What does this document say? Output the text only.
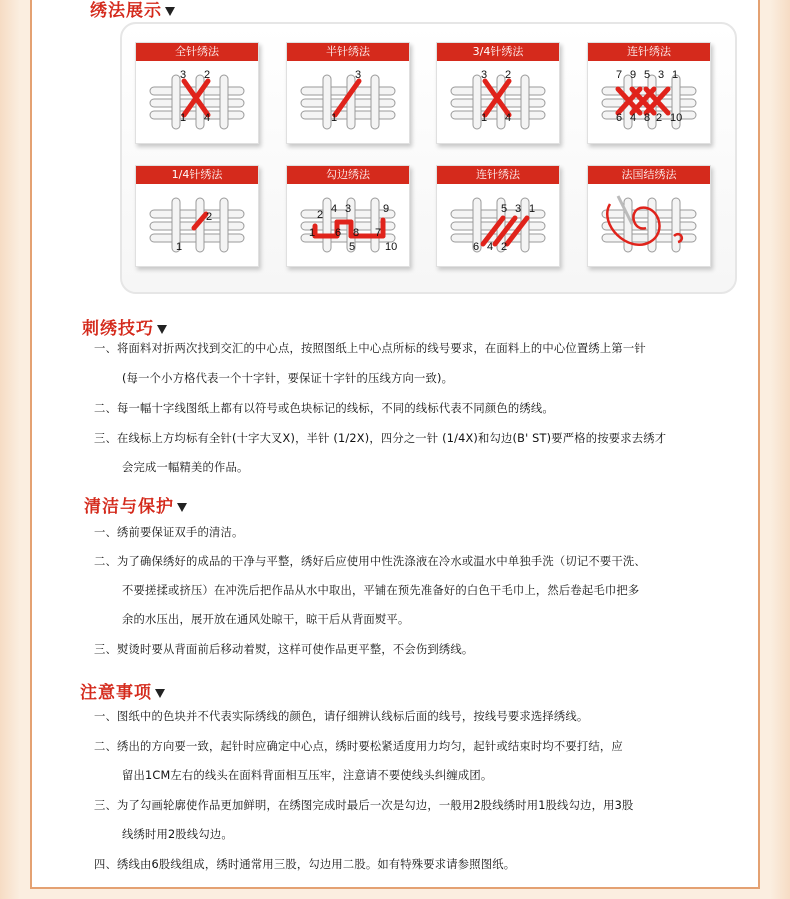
绣法展示
全针绣法
3 2
1 4
半针绣法
3
1
3/4针绣法
3 2
1 4
连针绣法
7 9 5 3 1
6 4 8 2 10
1/4针绣法
2
1
勾边绣法
2 4 3	9
1 6 8
5
7
10
连针绣法
5 3 1
6 4 2
法国结绣法
刺绣技巧
一、将面料对折两次找到交汇的中心点，按照图纸上中心点所标的线号要求，在面料上的中心位置绣上第一针
(每一个小方格代表一个十字针，要保证十字针的压线方向一致)。
二、每一幅十字线图纸上都有以符号或色块标记的线标，不同的线标代表不同颜色的绣线。
三、在线标上方均标有全针(十字大叉X)，半针 (1/2X)，四分之一针 (1/4X)和勾边(B' ST)要严格的按要求去绣才
会完成一幅精美的作品。
清洁与保护
一、绣前要保证双手的清洁。
二、为了确保绣好的成品的干净与平整，绣好后应使用中性洗涤液在冷水或温水中单独手洗（切记不要干洗、
不要搓揉或挤压）在冲洗后把作品从水中取出，平铺在预先准备好的白色干毛巾上，然后卷起毛巾把多
余的水压出，展开放在通风处晾干，晾干后从背面熨平。
三、熨烫时要从背面前后移动着熨，这样可使作品更平整，不会伤到绣线。
注意事项
一、图纸中的色块并不代表实际绣线的颜色，请仔细辨认线标后面的线号，按线号要求选择绣线。
二、绣出的方向要一致，起针时应确定中心点，绣时要松紧适度用力均匀，起针或结束时均不要打结，应
留出1CM左右的线头在面料背面相互压牢，注意请不要使线头纠缠成团。
三、为了勾画轮廓使作品更加鲜明，在绣图完成时最后一次是勾边，一般用2股线绣时用1股线勾边，用3股
线绣时用2股线勾边。
四、绣线由6股线组成，绣时通常用三股，勾边用二股。如有特殊要求请参照图纸。
